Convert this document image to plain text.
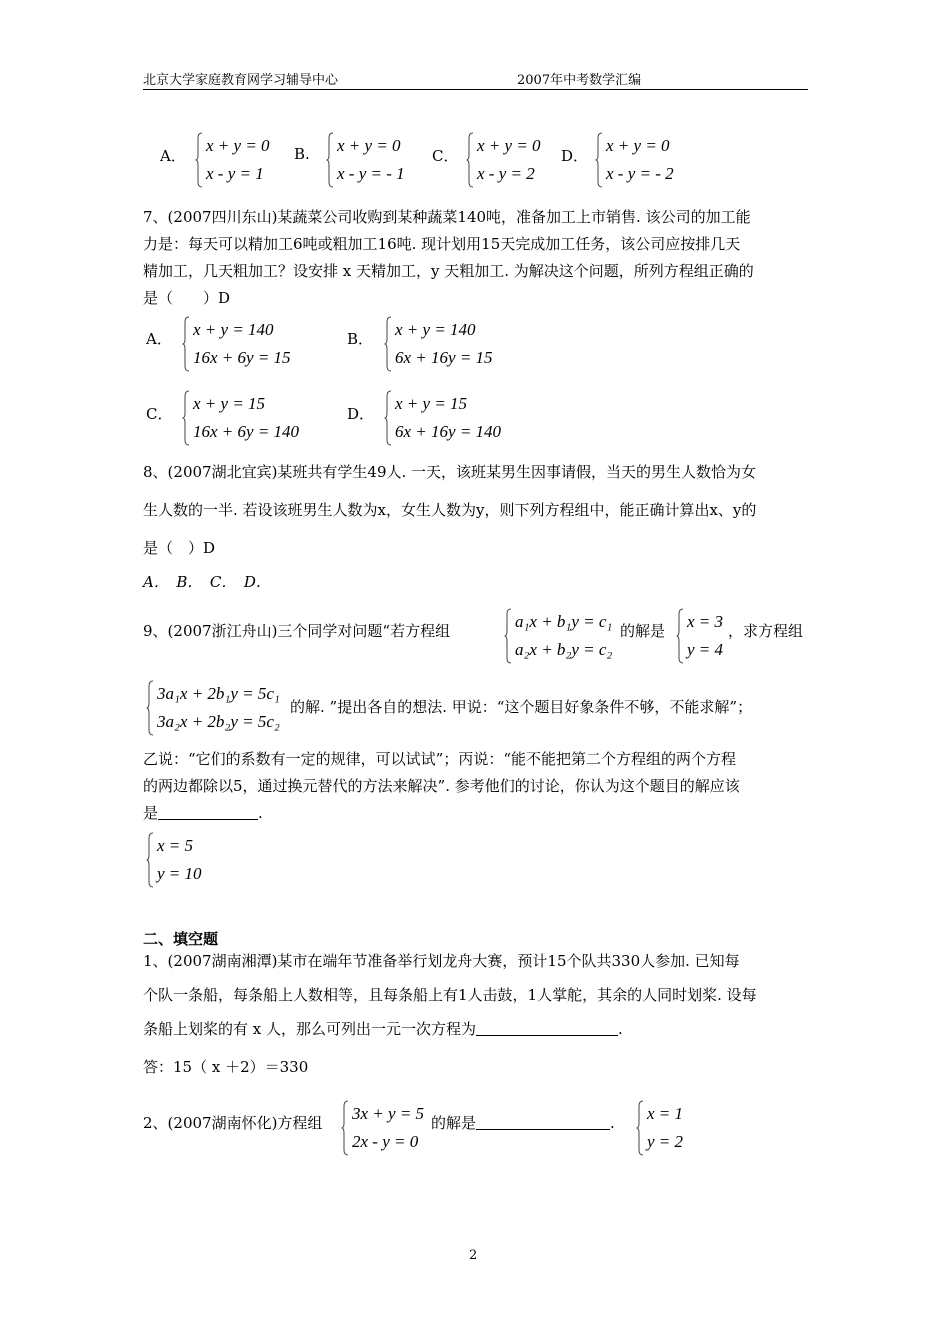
北京大学家庭教育网学习辅导中心	2007年中考数学汇编
A．
x + y = 0
x - y = 1
B. x + y = 0
x - y = - 1
C．
x + y = 0
x - y = 2
D．
x + y = 0
x - y = - 2
7、(2007四川东山)某蔬菜公司收购到某种蔬菜140吨，准备加工上市销售. 该公司的加工能
力是：每天可以精加工6吨或粗加工16吨. 现计划用15天完成加工任务，该公司应按排几天
精加工，几天粗加工？设安排 x 天精加工，y 天粗加工. 为解决这个问题，所列方程组正确的
是（　　）D
A． x + y = 140
16x + 6y = 15
B． x + y = 140
6x + 16y = 15
C．
x + y = 15
16x + 6y = 140
D．
x + y = 15
6x + 16y = 140
8、(2007湖北宜宾)某班共有学生49人. 一天，该班某男生因事请假，当天的男生人数恰为女
生人数的一半. 若设该班男生人数为x，女生人数为y，则下列方程组中，能正确计算出x、y的
是（　）D
A．　B．　C．　D．
9、(2007浙江舟山)三个同学对问题“若方程组	a₁x + b₁y = c₁
a₂x + b₂y = c₂
的解是 x = 3
y = 4
，求方程组
3a₁x + 2b₁y = 5c₁
3a₂x + 2b₂y = 5c₂
的解. ”提出各自的想法. 甲说：“这个题目好象条件不够，不能求解”；
乙说：“它们的系数有一定的规律，可以试试”；丙说：“能不能把第二个方程组的两个方程
的两边都除以5，通过换元替代的方法来解决”. 参考他们的讨论，你认为这个题目的解应该
是	.
x = 5
y = 10
二、填空题
1、(2007湖南湘潭)某市在端年节准备举行划龙舟大赛，预计15个队共330人参加. 已知每
个队一条船，每条船上人数相等，且每条船上有1人击鼓，1人掌舵，其余的人同时划桨. 设每
条船上划桨的有 x 人，那么可列出一元一次方程为	.
答：15（ x ＋2）＝330
2、(2007湖南怀化)方程组 3x + y = 5
2x - y = 0
的解是	. x = 1
y = 2
2
